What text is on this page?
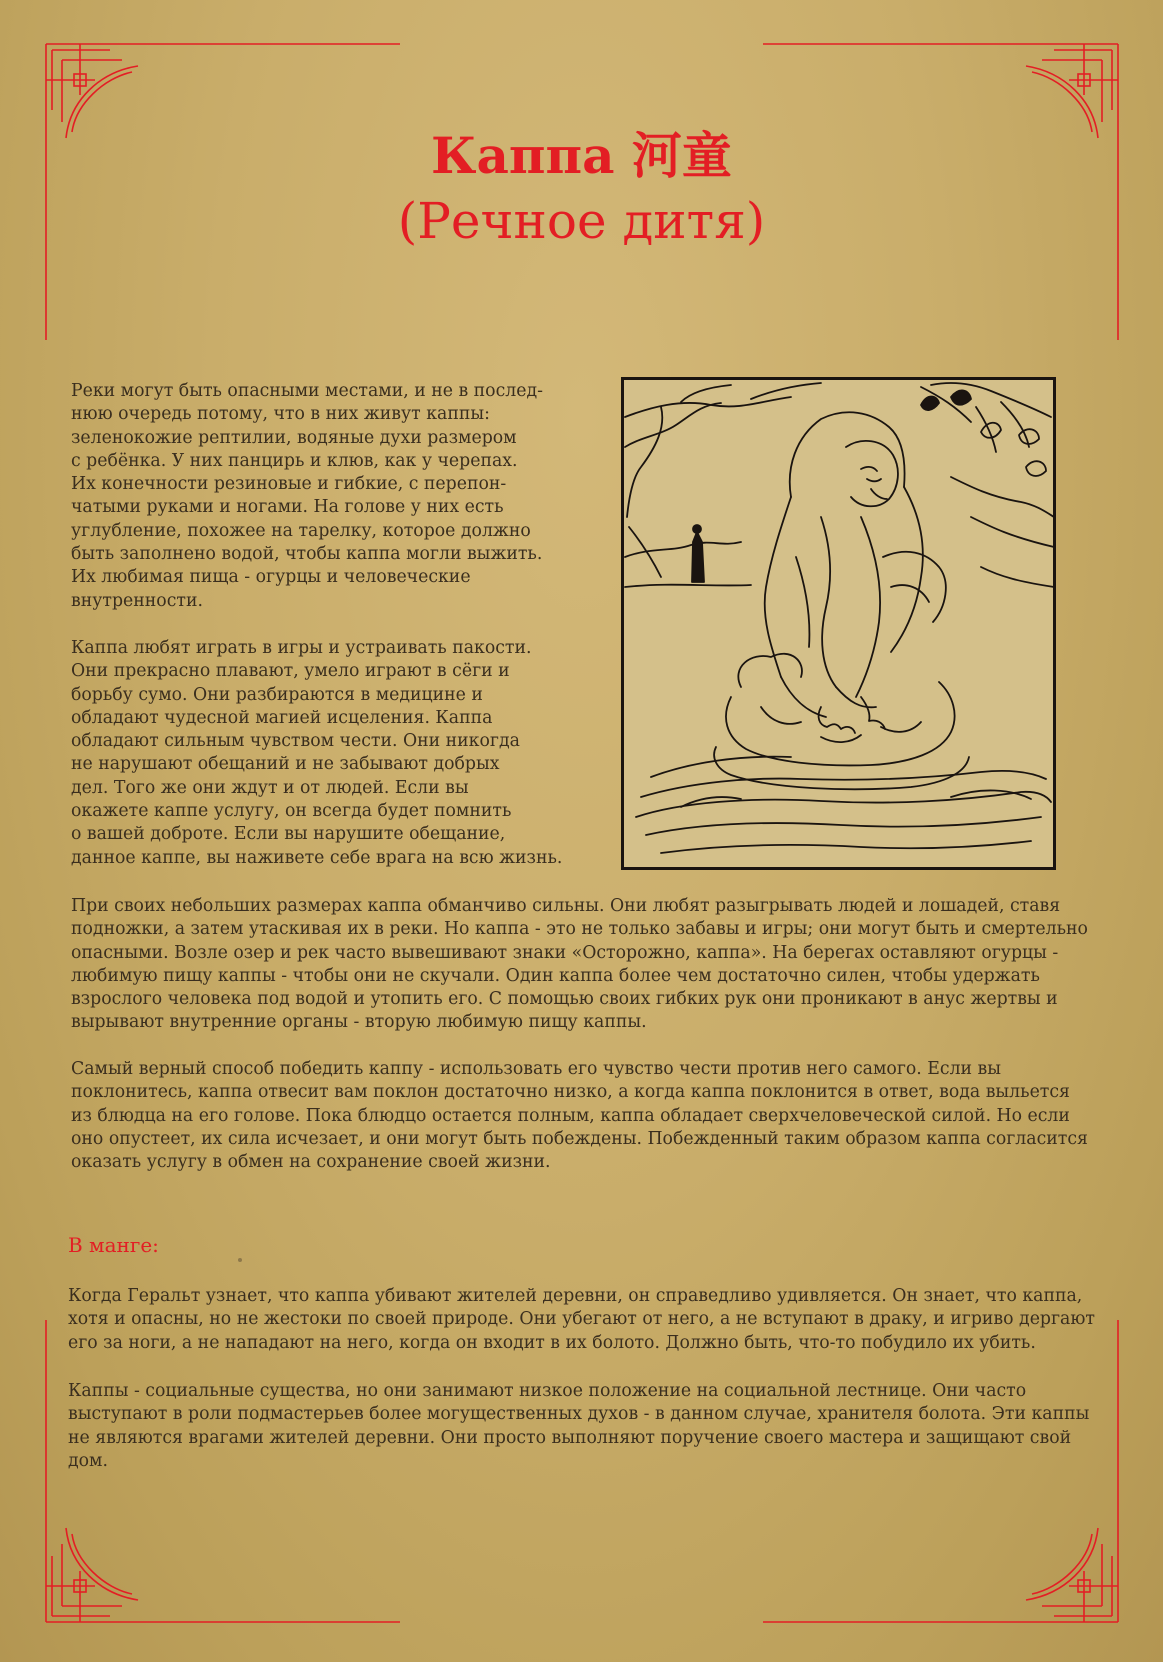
Каппа 河童
(Речное дитя)
Реки могут быть опасными местами, и не в послед-
нюю очередь потому, что в них живут каппы:
зеленокожие рептилии, водяные духи размером
с ребёнка. У них панцирь и клюв, как у черепах.
Их конечности резиновые и гибкие, с перепон-
чатыми руками и ногами. На голове у них есть
углубление, похожее на тарелку, которое должно
быть заполнено водой, чтобы каппа могли выжить.
Их любимая пища - огурцы и человеческие
внутренности.
Каппа любят играть в игры и устраивать пакости.
Они прекрасно плавают, умело играют в сёги и
борьбу сумо. Они разбираются в медицине и
обладают чудесной магией исцеления. Каппа
обладают сильным чувством чести. Они никогда
не нарушают обещаний и не забывают добрых
дел. Того же они ждут и от людей. Если вы
окажете каппе услугу, он всегда будет помнить
о вашей доброте. Если вы нарушите обещание,
данное каппе, вы наживете себе врага на всю жизнь.
При своих небольших размерах каппа обманчиво сильны. Они любят разыгрывать людей и лошадей, ставя
подножки, а затем утаскивая их в реки. Но каппа - это не только забавы и игры; они могут быть и смертельно
опасными. Возле озер и рек часто вывешивают знаки «Осторожно, каппа». На берегах оставляют огурцы -
любимую пищу каппы - чтобы они не скучали. Один каппа более чем достаточно силен, чтобы удержать
взрослого человека под водой и утопить его. С помощью своих гибких рук они проникают в анус жертвы и
вырывают внутренние органы - вторую любимую пищу каппы.
Самый верный способ победить каппу - использовать его чувство чести против него самого. Если вы
поклонитесь, каппа отвесит вам поклон достаточно низко, а когда каппа поклонится в ответ, вода выльется
из блюдца на его голове. Пока блюдцо остается полным, каппа обладает сверхчеловеческой силой. Но если
оно опустеет, их сила исчезает, и они могут быть побеждены. Побежденный таким образом каппа согласится
оказать услугу в обмен на сохранение своей жизни.
В манге:
Когда Геральт узнает, что каппа убивают жителей деревни, он справедливо удивляется. Он знает, что каппа,
хотя и опасны, но не жестоки по своей природе. Они убегают от него, а не вступают в драку, и игриво дергают
его за ноги, а не нападают на него, когда он входит в их болото. Должно быть, что-то побудило их убить.
Каппы - социальные существа, но они занимают низкое положение на социальной лестнице. Они часто
выступают в роли подмастерьев более могущественных духов - в данном случае, хранителя болота. Эти каппы
не являются врагами жителей деревни. Они просто выполняют поручение своего мастера и защищают свой
дом.
